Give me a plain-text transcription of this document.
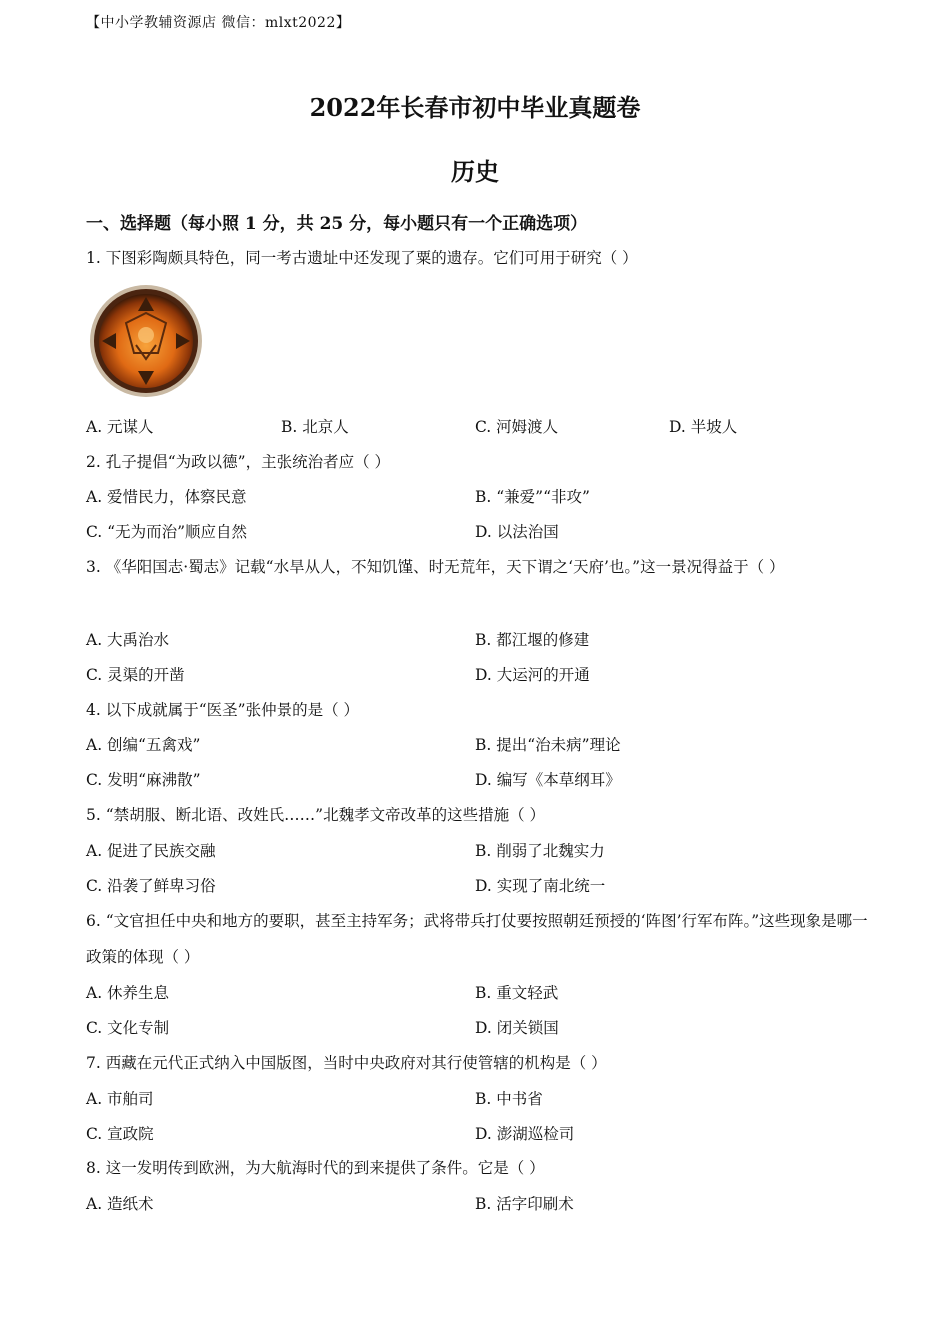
【中小学教辅资源店 微信：mlxt2022】
2022年长春市初中毕业真题卷
历史
一、选择题（每小照 1 分，共 25 分，每小题只有一个正确选项）
1. 下图彩陶颇具特色，同一考古遗址中还发现了粟的遗存。它们可用于研究（ ）
A. 元谋人	B. 北京人	C. 河姆渡人	D. 半坡人
2. 孔子提倡“为政以德”，主张统治者应（ ）
A. 爱惜民力，体察民意	B. “兼爱”“非攻”
C. “无为而治”顺应自然	D. 以法治国
3. 《华阳国志·蜀志》记载“水旱从人，不知饥馑、时无荒年，天下谓之‘天府’也。”这一景况得益于（ ）
A. 大禹治水	B. 都江堰的修建
C. 灵渠的开凿	D. 大运河的开通
4. 以下成就属于“医圣”张仲景的是（ ）
A. 创编“五禽戏”	B. 提出“治未病”理论
C. 发明“麻沸散”	D. 编写《本草纲耳》
5. “禁胡服、断北语、改姓氏……”北魏孝文帝改革的这些措施（ ）
A. 促进了民族交融	B. 削弱了北魏实力
C. 沿袭了鲜卑习俗	D. 实现了南北统一
6. “文官担任中央和地方的要职，甚至主持军务；武将带兵打仗要按照朝廷预授的‘阵图’行军布阵。”这些现象是哪一政策的体现（ ）
A. 休养生息	B. 重文轻武
C. 文化专制	D. 闭关锁国
7. 西藏在元代正式纳入中国版图，当时中央政府对其行使管辖的机构是（ ）
A. 市舶司	B. 中书省
C. 宣政院	D. 澎湖巡检司
8. 这一发明传到欧洲，为大航海时代的到来提供了条件。它是（ ）
A. 造纸术	B. 活字印刷术
